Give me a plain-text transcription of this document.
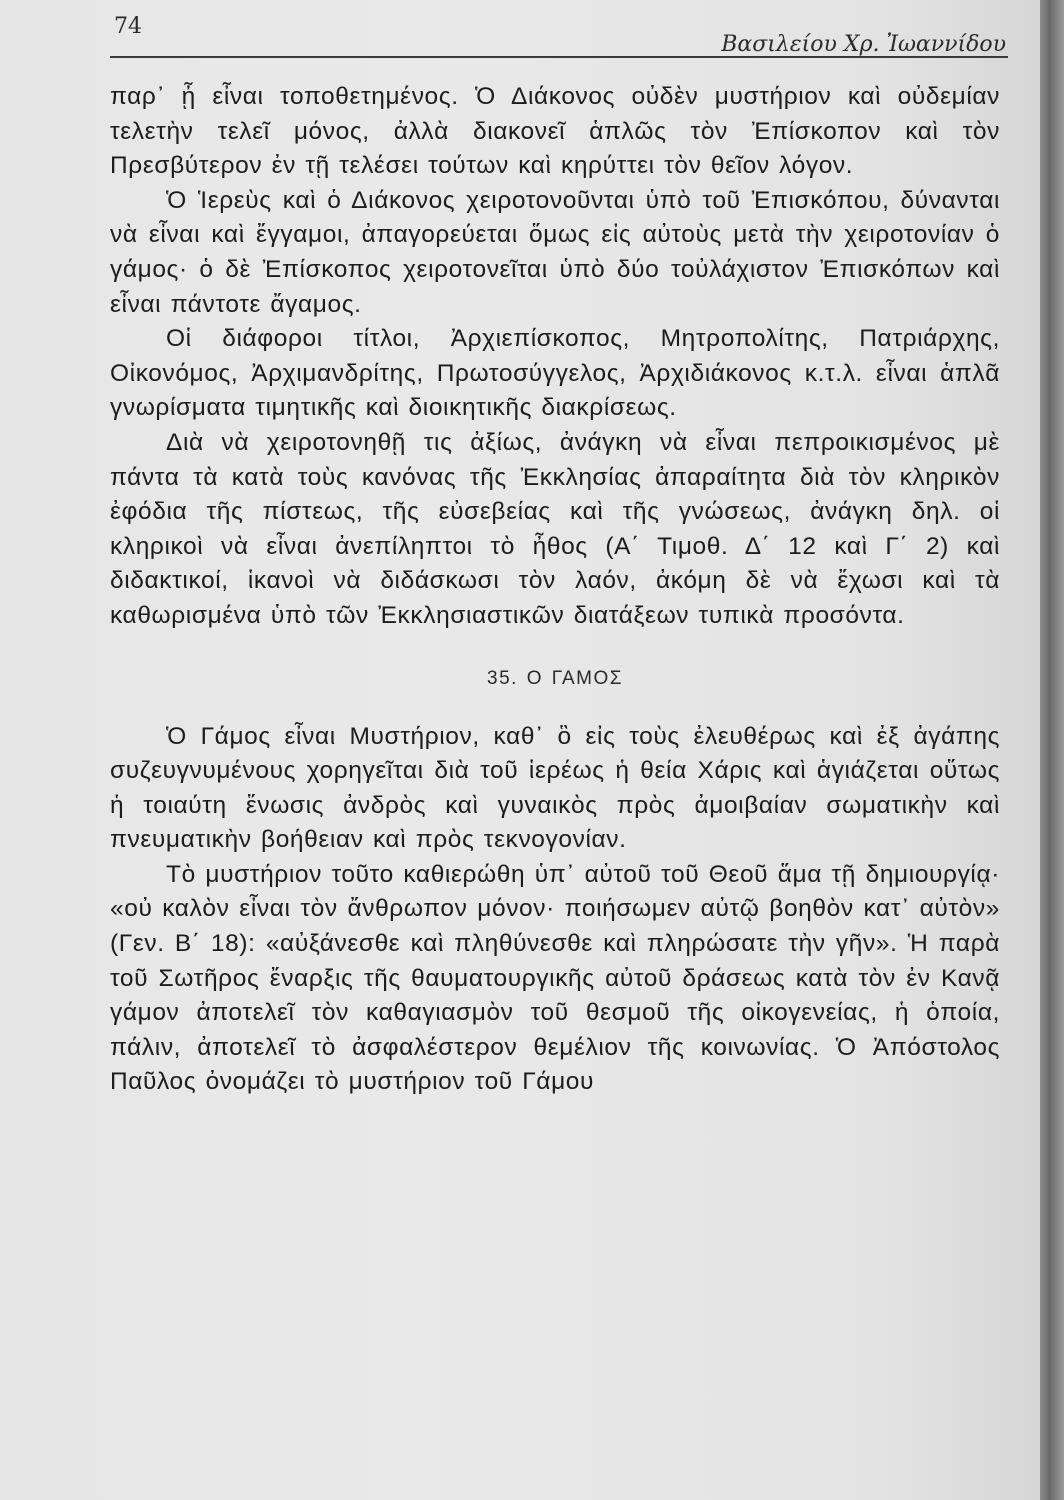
74
Βασιλείου Χρ. Ἰωαννίδου

παρ᾽ ᾖ εἶναι τοποθετημένος. Ὁ Διάκονος οὐδὲν μυστήριον καὶ οὐδεμίαν τελετὴν τελεῖ μόνος, ἀλλὰ διακονεῖ ἁπλῶς τὸν Ἐπίσκοπον καὶ τὸν Πρεσβύτερον ἐν τῇ τελέσει τούτων καὶ κηρύττει τὸν θεῖον λόγον.

Ὁ Ἱερεὺς καὶ ὁ Διάκονος χειροτονοῦνται ὑπὸ τοῦ Ἐπισκόπου, δύνανται νὰ εἶναι καὶ ἔγγαμοι, ἀπαγορεύεται ὅμως εἰς αὐτοὺς μετὰ τὴν χειροτονίαν ὁ γάμος· ὁ δὲ Ἐπίσκοπος χειροτονεῖται ὑπὸ δύο τοὐλάχιστον Ἐπισκόπων καὶ εἶναι πάντοτε ἄγαμος.

Οἱ διάφοροι τίτλοι, Ἀρχιεπίσκοπος, Μητροπολίτης, Πατριάρχης, Οἰκονόμος, Ἀρχιμανδρίτης, Πρωτοσύγγελος, Ἀρχιδιάκονος κ.τ.λ. εἶναι ἁπλᾶ γνωρίσματα τιμητικῆς καὶ διοικητικῆς διακρίσεως.

Διὰ νὰ χειροτονηθῇ τις ἀξίως, ἀνάγκη νὰ εἶναι πεπροικισμένος μὲ πάντα τὰ κατὰ τοὺς κανόνας τῆς Ἐκκλησίας ἀπαραίτητα διὰ τὸν κληρικὸν ἐφόδια τῆς πίστεως, τῆς εὐσεβείας καὶ τῆς γνώσεως, ἀνάγκη δηλ. οἱ κληρικοὶ νὰ εἶναι ἀνεπίληπτοι τὸ ἦθος (Α΄ Τιμοθ. Δ΄ 12 καὶ Γ΄ 2) καὶ διδακτικοί, ἱκανοὶ νὰ διδάσκωσι τὸν λαόν, ἀκόμη δὲ νὰ ἔχωσι καὶ τὰ καθωρισμένα ὑπὸ τῶν Ἐκκλησιαστικῶν διατάξεων τυπικὰ προσόντα.

35. Ο ΓΑΜΟΣ

Ὁ Γάμος εἶναι Μυστήριον, καθ᾽ ὃ εἰς τοὺς ἐλευθέρως καὶ ἐξ ἀγάπης συζευγνυμένους χορηγεῖται διὰ τοῦ ἱερέως ἡ θεία Χάρις καὶ ἁγιάζεται οὕτως ἡ τοιαύτη ἕνωσις ἀνδρὸς καὶ γυναικὸς πρὸς ἀμοιβαίαν σωματικὴν καὶ πνευματικὴν βοήθειαν καὶ πρὸς τεκνογονίαν.

Τὸ μυστήριον τοῦτο καθιερώθη ὑπ᾽ αὐτοῦ τοῦ Θεοῦ ἅμα τῇ δημιουργίᾳ· «οὐ καλὸν εἶναι τὸν ἄνθρωπον μόνον· ποιήσωμεν αὐτῷ βοηθὸν κατ᾽ αὐτὸν» (Γεν. Β΄ 18): «αὐξάνεσθε καὶ πληθύνεσθε καὶ πληρώσατε τὴν γῆν». Ἡ παρὰ τοῦ Σωτῆρος ἔναρξις τῆς θαυματουργικῆς αὐτοῦ δράσεως κατὰ τὸν ἐν Κανᾷ γάμον ἀποτελεῖ τὸν καθαγιασμὸν τοῦ θεσμοῦ τῆς οἰκογενείας, ἡ ὁποία, πάλιν, ἀποτελεῖ τὸ ἀσφαλέστερον θεμέλιον τῆς κοινωνίας. Ὁ Ἀπόστολος Παῦλος ὀνομάζει τὸ μυστήριον τοῦ Γάμου
